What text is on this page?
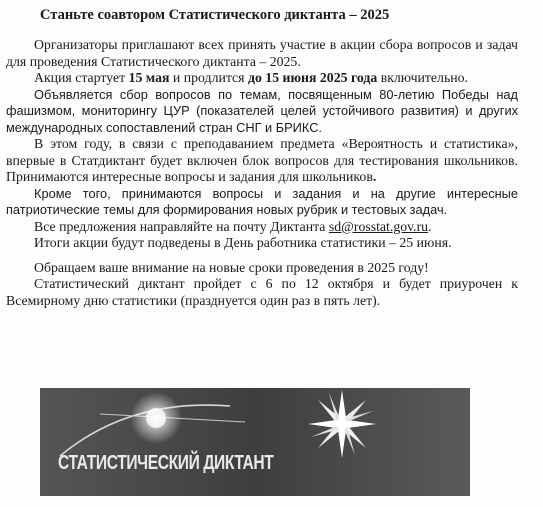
Станьте соавтором Статистического диктанта – 2025

Организаторы приглашают всех принять участие в акции сбора вопросов и задач для проведения Статистического диктанта – 2025.

Акция стартует 15 мая и продлится до 15 июня 2025 года включительно.

Объявляется сбор вопросов по темам, посвященным 80-летию Победы над фашизмом, мониторингу ЦУР (показателей целей устойчивого развития) и других международных сопоставлений стран СНГ и БРИКС.

В этом году, в связи с преподаванием предмета «Вероятность и статистика», впервые в Статдиктант будет включен блок вопросов для тестирования школьников. Принимаются интересные вопросы и задания для школьников.

Кроме того, принимаются вопросы и задания и на другие интересные патриотические темы для формирования новых рубрик и тестовых задач.

Все предложения направляйте на почту Диктанта sd@rosstat.gov.ru.

Итоги акции будут подведены в День работника статистики – 25 июня.

Обращаем ваше внимание на новые сроки проведения в 2025 году!

Статистический диктант пройдет с 6 по 12 октября и будет приурочен к Всемирному дню статистики (празднуется один раз в пять лет).

СТАТИСТИЧЕСКИЙ ДИКТАНТ
